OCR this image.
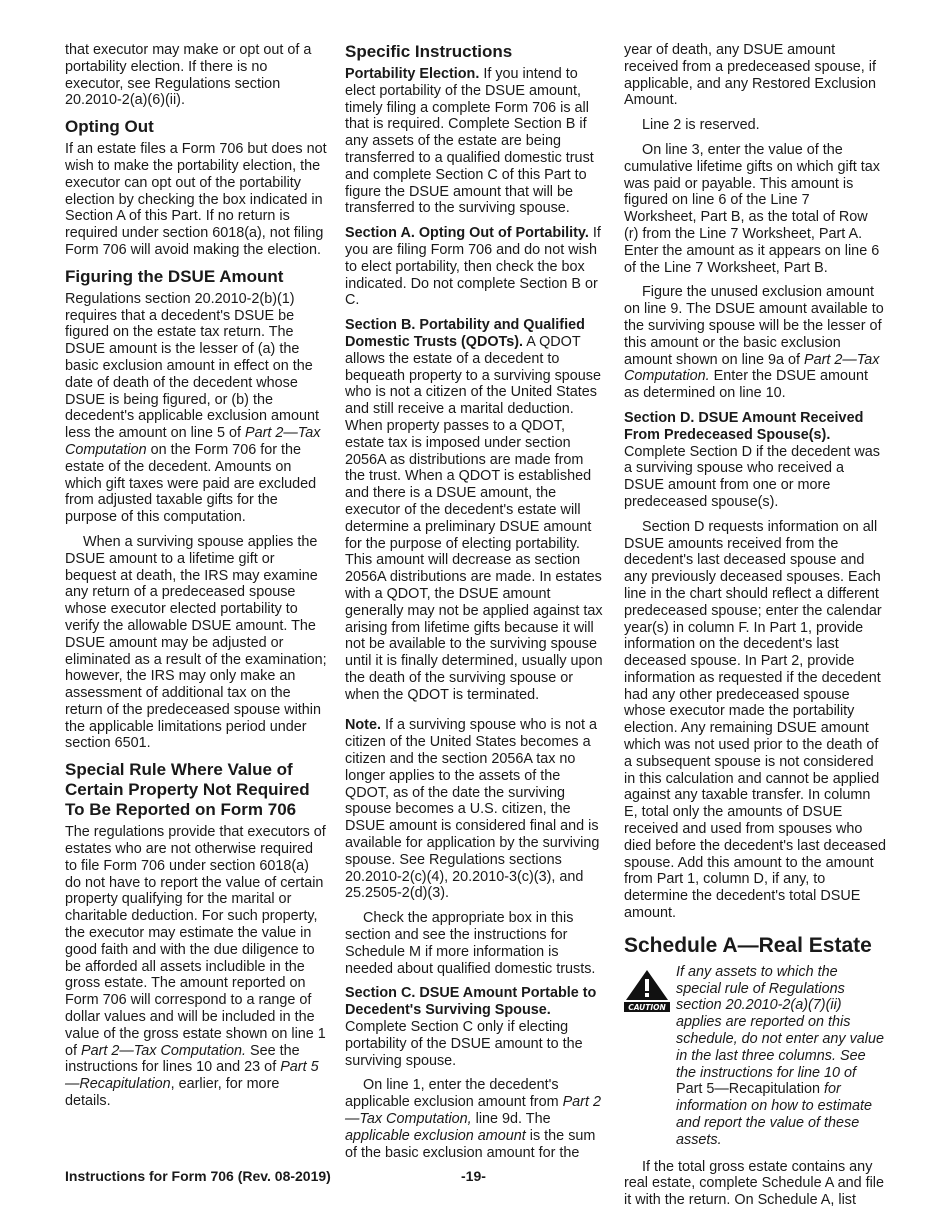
that executor may make or opt out of a portability election. If there is no executor, see Regulations section 20.2010-2(a)(6)(ii).

Opting Out

If an estate files a Form 706 but does not wish to make the portability election, the executor can opt out of the portability election by checking the box indicated in Section A of this Part. If no return is required under section 6018(a), not filing Form 706 will avoid making the election.

Figuring the DSUE Amount

Regulations section 20.2010-2(b)(1) requires that a decedent's DSUE be figured on the estate tax return. The DSUE amount is the lesser of (a) the basic exclusion amount in effect on the date of death of the decedent whose DSUE is being figured, or (b) the decedent's applicable exclusion amount less the amount on line 5 of Part 2—Tax Computation on the Form 706 for the estate of the decedent. Amounts on which gift taxes were paid are excluded from adjusted taxable gifts for the purpose of this computation.

When a surviving spouse applies the DSUE amount to a lifetime gift or bequest at death, the IRS may examine any return of a predeceased spouse whose executor elected portability to verify the allowable DSUE amount. The DSUE amount may be adjusted or eliminated as a result of the examination; however, the IRS may only make an assessment of additional tax on the return of the predeceased spouse within the applicable limitations period under section 6501.

Special Rule Where Value of Certain Property Not Required To Be Reported on Form 706

The regulations provide that executors of estates who are not otherwise required to file Form 706 under section 6018(a) do not have to report the value of certain property qualifying for the marital or charitable deduction. For such property, the executor may estimate the value in good faith and with the due diligence to be afforded all assets includible in the gross estate. The amount reported on Form 706 will correspond to a range of dollar values and will be included in the value of the gross estate shown on line 1 of Part 2—Tax Computation. See the instructions for lines 10 and 23 of Part 5—Recapitulation, earlier, for more details.

Specific Instructions

Portability Election. If you intend to elect portability of the DSUE amount, timely filing a complete Form 706 is all that is required. Complete Section B if any assets of the estate are being transferred to a qualified domestic trust and complete Section C of this Part to figure the DSUE amount that will be transferred to the surviving spouse.

Section A. Opting Out of Portability. If you are filing Form 706 and do not wish to elect portability, then check the box indicated. Do not complete Section B or C.

Section B. Portability and Qualified Domestic Trusts (QDOTs). A QDOT allows the estate of a decedent to bequeath property to a surviving spouse who is not a citizen of the United States and still receive a marital deduction. When property passes to a QDOT, estate tax is imposed under section 2056A as distributions are made from the trust. When a QDOT is established and there is a DSUE amount, the executor of the decedent's estate will determine a preliminary DSUE amount for the purpose of electing portability. This amount will decrease as section 2056A distributions are made. In estates with a QDOT, the DSUE amount generally may not be applied against tax arising from lifetime gifts because it will not be available to the surviving spouse until it is finally determined, usually upon the death of the surviving spouse or when the QDOT is terminated.

Note. If a surviving spouse who is not a citizen of the United States becomes a citizen and the section 2056A tax no longer applies to the assets of the QDOT, as of the date the surviving spouse becomes a U.S. citizen, the DSUE amount is considered final and is available for application by the surviving spouse. See Regulations sections 20.2010-2(c)(4), 20.2010-3(c)(3), and 25.2505-2(d)(3).

Check the appropriate box in this section and see the instructions for Schedule M if more information is needed about qualified domestic trusts.

Section C. DSUE Amount Portable to Decedent's Surviving Spouse. Complete Section C only if electing portability of the DSUE amount to the surviving spouse.

On line 1, enter the decedent's applicable exclusion amount from Part 2—Tax Computation, line 9d. The applicable exclusion amount is the sum of the basic exclusion amount for the

year of death, any DSUE amount received from a predeceased spouse, if applicable, and any Restored Exclusion Amount.

Line 2 is reserved.

On line 3, enter the value of the cumulative lifetime gifts on which gift tax was paid or payable. This amount is figured on line 6 of the Line 7 Worksheet, Part B, as the total of Row (r) from the Line 7 Worksheet, Part A. Enter the amount as it appears on line 6 of the Line 7 Worksheet, Part B.

Figure the unused exclusion amount on line 9. The DSUE amount available to the surviving spouse will be the lesser of this amount or the basic exclusion amount shown on line 9a of Part 2—Tax Computation. Enter the DSUE amount as determined on line 10.

Section D. DSUE Amount Received From Predeceased Spouse(s). Complete Section D if the decedent was a surviving spouse who received a DSUE amount from one or more predeceased spouse(s).

Section D requests information on all DSUE amounts received from the decedent's last deceased spouse and any previously deceased spouses. Each line in the chart should reflect a different predeceased spouse; enter the calendar year(s) in column F. In Part 1, provide information on the decedent's last deceased spouse. In Part 2, provide information as requested if the decedent had any other predeceased spouse whose executor made the portability election. Any remaining DSUE amount which was not used prior to the death of a subsequent spouse is not considered in this calculation and cannot be applied against any taxable transfer. In column E, total only the amounts of DSUE received and used from spouses who died before the decedent's last deceased spouse. Add this amount to the amount from Part 1, column D, if any, to determine the decedent's total DSUE amount.

Schedule A—Real Estate
CAUTION
If any assets to which the special rule of Regulations section 20.2010-2(a)(7)(ii) applies are reported on this schedule, do not enter any value in the last three columns. See the instructions for line 10 of Part 5—Recapitulation for information on how to estimate and report the value of these assets.

If the total gross estate contains any real estate, complete Schedule A and file it with the return. On Schedule A, list

Instructions for Form 706 (Rev. 08-2019)	-19-
